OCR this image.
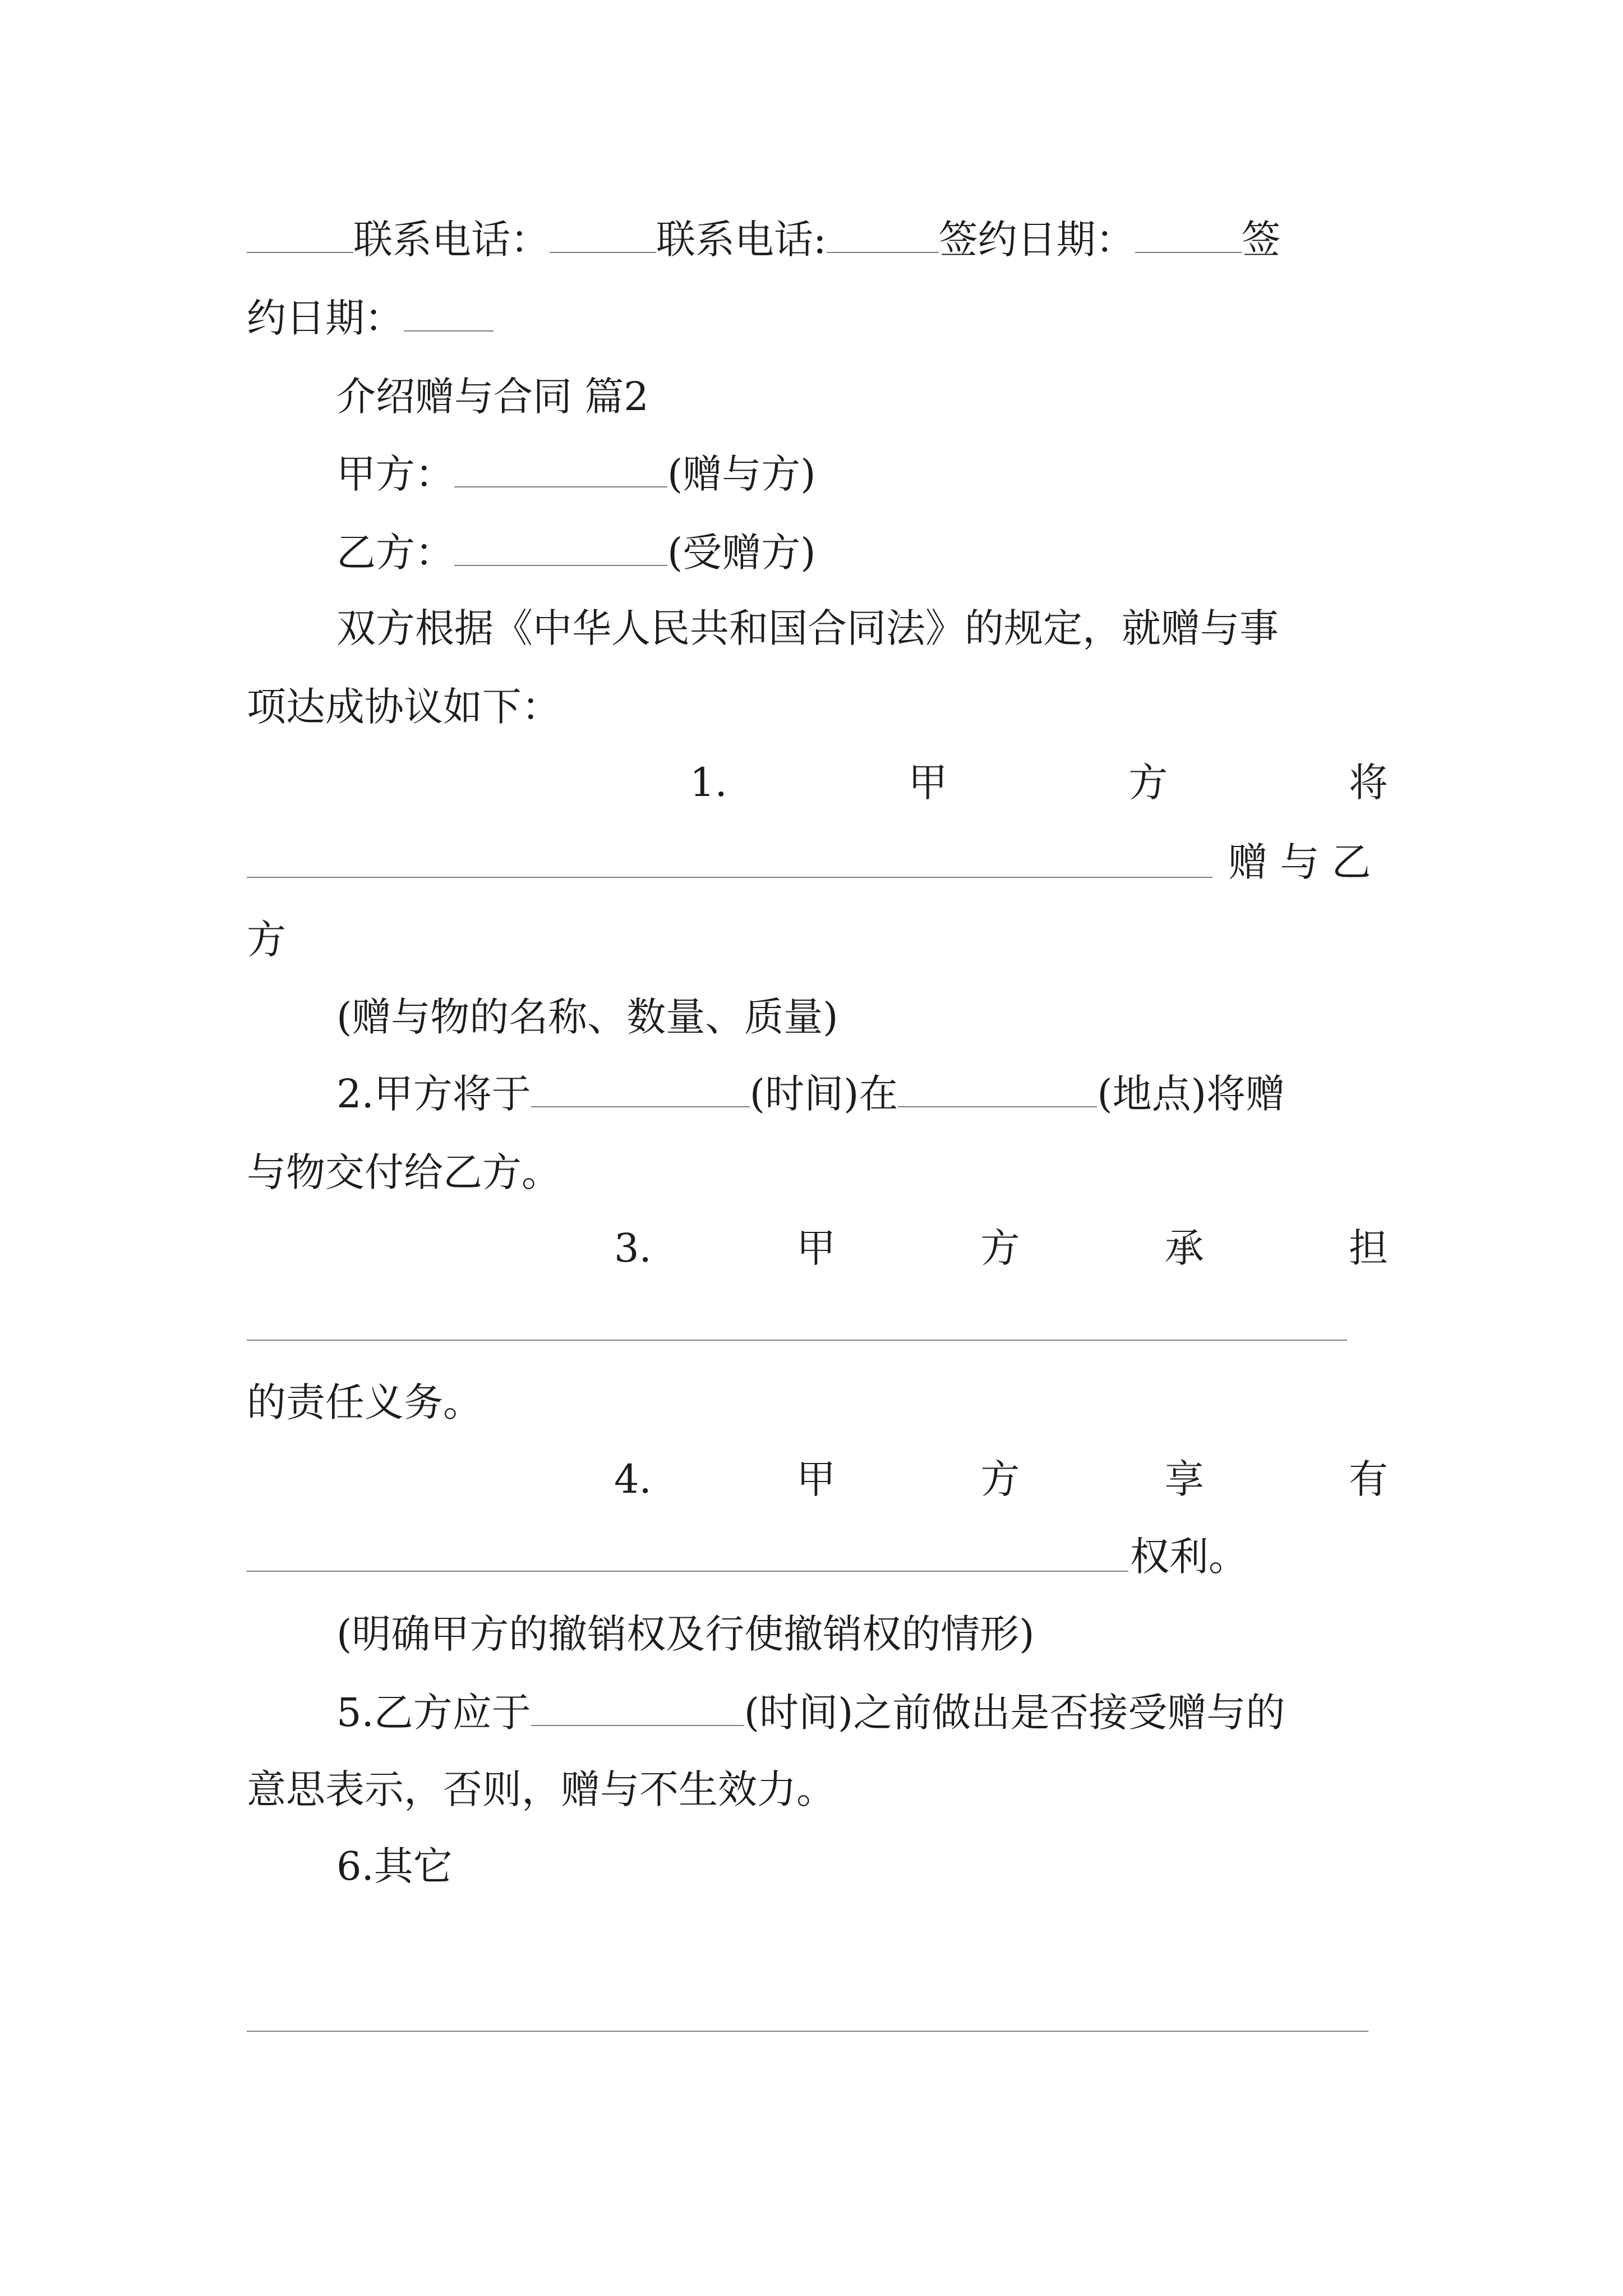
联系电话：	联系电话:	签约日期：	签
约日期：
介绍赠与合同 篇2
甲方：	(赠与方)
乙方：	(受赠方)
双方根据《中华人民共和国合同法》的规定，就赠与事
项达成协议如下：
1.	甲	方	将
赠 与 乙
方
(赠与物的名称、数量、质量)
2.甲方将于	(时间)在	(地点)将赠
与物交付给乙方。
3.	甲	方	承	担
的责任义务。
4.	甲	方	享	有
权利。
(明确甲方的撤销权及行使撤销权的情形)
5.乙方应于	(时间)之前做出是否接受赠与的
意思表示，否则，赠与不生效力。
6.其它
